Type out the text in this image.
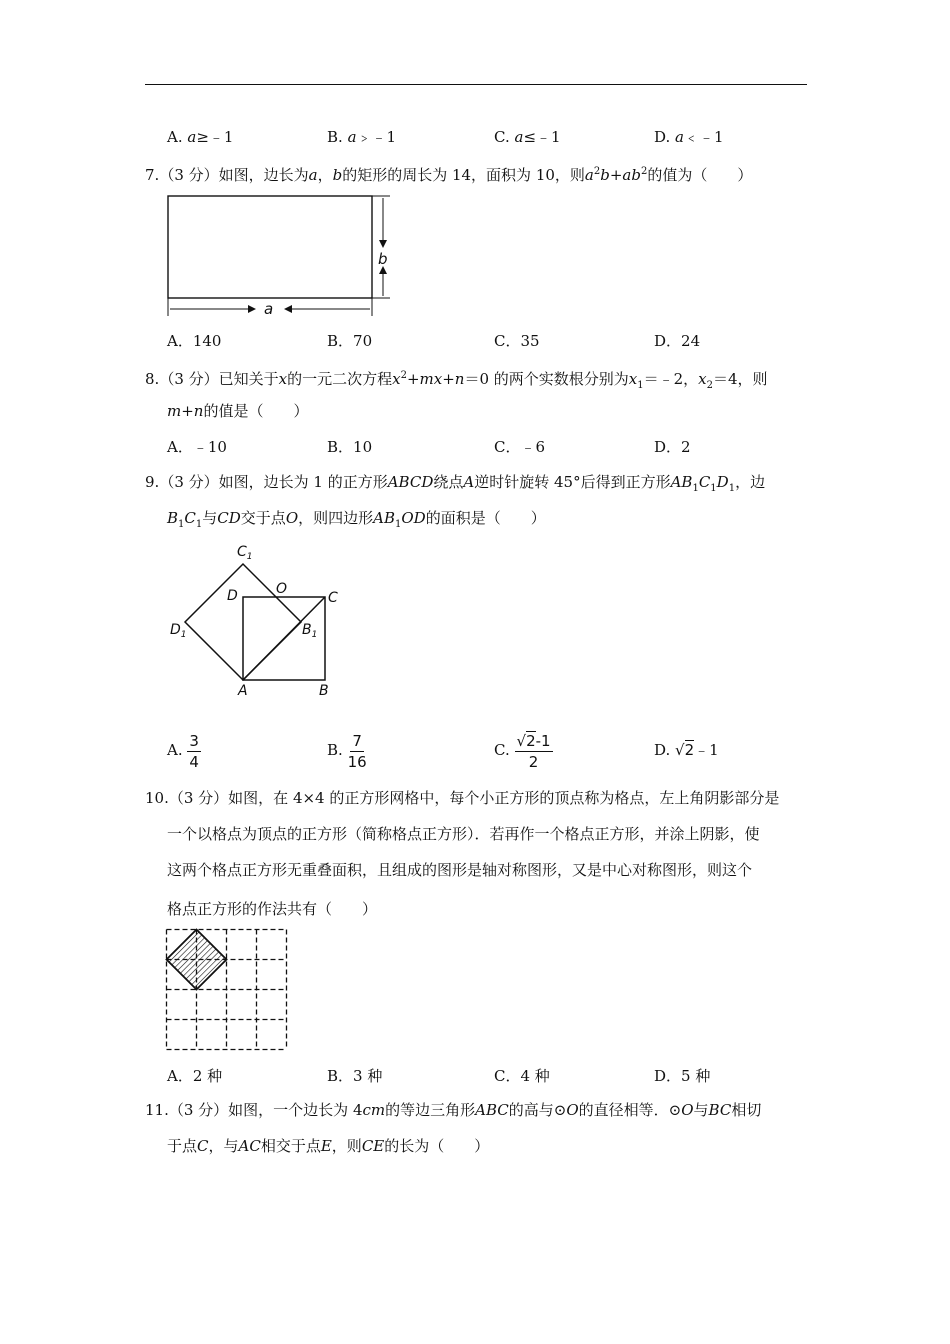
A. a≥﹣1	B. a﹥﹣1	C. a≤﹣1	D. a﹤﹣1
7.（3 分）如图，边长为a，b的矩形的周长为 14，面积为 10，则$a^2b+ab^2$的值为（　　）
b
a
A．140	B．70	C．35	D．24
8.（3 分）已知关于x的一元二次方程$x^2+mx+n=0$ 的两个实数根分别为$x_1=﹣2$，$x_2=4$，则
m+n的值是（　　）
A．﹣10	B．10	C．﹣6	D．2
9.（3 分）如图，边长为 1 的正方形ABCD绕点A逆时针旋转 45°后得到正方形$AB_1C_1D_1$，边
$B_1C_1$与CD交于点O，则四边形$AB_1OD$的面积是（　　）
$C_1$
D	O
C
$D_1$	$B_1$
A	B
A. $\frac{3}{4}$	B. $\frac{7}{16}$	C. $\frac{√2-1}{2}$	D. √2﹣1
10.（3 分）如图，在 4×4 的正方形网格中，每个小正方形的顶点称为格点，左上角阴影部分是
一个以格点为顶点的正方形（简称格点正方形）．若再作一个格点正方形，并涂上阴影，使
这两个格点正方形无重叠面积，且组成的图形是轴对称图形，又是中心对称图形，则这个
格点正方形的作法共有（　　）
A．2 种	B．3 种	C．4 种	D．5 种
11.（3 分）如图，一个边长为 4cm的等边三角形ABC的高与⊙O的直径相等．⊙O与BC相切
于点C，与AC相交于点E，则CE的长为（　　）
